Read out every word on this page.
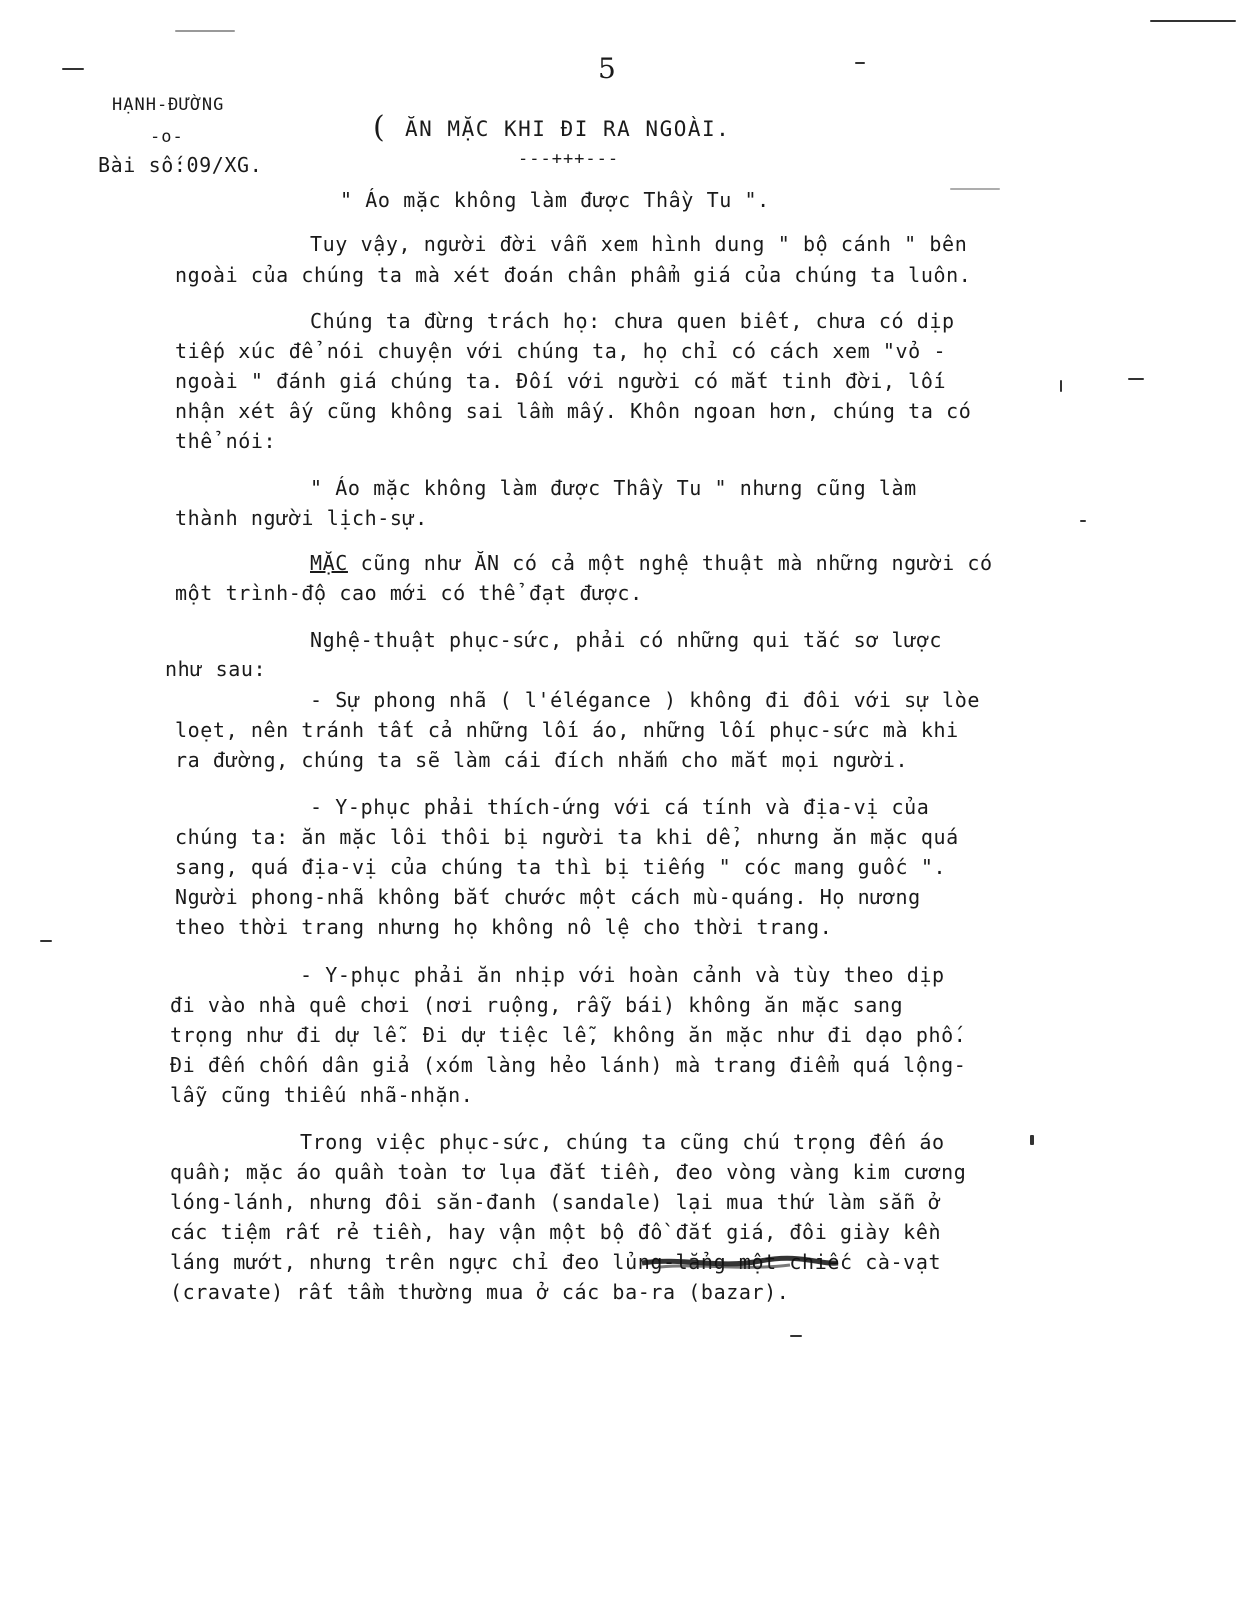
5
HẠNH-ĐƯỜNG
-o-
Bài số:09/XG.
( ĂN MẶC KHI ĐI RA NGOÀI.
---+++---
" Áo mặc không làm được Thầy Tu ".
Tuy vậy, người đời vẫn xem hình dung " bộ cánh " bên
ngoài của chúng ta mà xét đoán chân phẩm giá của chúng ta luôn.
Chúng ta đừng trách họ: chưa quen biết, chưa có dịp
tiếp xúc để nói chuyện với chúng ta, họ chỉ có cách xem "vỏ -
ngoài " đánh giá chúng ta. Đối với người có mắt tinh đời, lối
nhận xét ấy cũng không sai lầm mấy. Khôn ngoan hơn, chúng ta có
thể nói:
" Áo mặc không làm được Thầy Tu " nhưng cũng làm
thành người lịch-sự.
MẶC cũng như ĂN có cả một nghệ thuật mà những người có
một trình-độ cao mới có thể đạt được.
Nghệ-thuật phục-sức, phải có những qui tắc sơ lược
như sau:
- Sự phong nhã ( l'élégance ) không đi đôi với sự lòe
loẹt, nên tránh tất cả những lối áo, những lối phục-sức mà khi
ra đường, chúng ta sẽ làm cái đích nhắm cho mắt mọi người.
- Y-phục phải thích-ứng với cá tính và địa-vị của
chúng ta: ăn mặc lôi thôi bị người ta khi dể, nhưng ăn mặc quá
sang, quá địa-vị của chúng ta thì bị tiếng " cóc mang guốc ".
Người phong-nhã không bắt chước một cách mù-quáng. Họ nương
theo thời trang nhưng họ không nô lệ cho thời trang.
- Y-phục phải ăn nhịp với hoàn cảnh và tùy theo dịp
đi vào nhà quê chơi (nơi ruộng, rẫy bái) không ăn mặc sang
trọng như đi dự lễ. Đi dự tiệc lễ, không ăn mặc như đi dạo phố.
Đi đến chốn dân giả (xóm làng hẻo lánh) mà trang điểm quá lộng-
lẫy cũng thiếu nhã-nhặn.
Trong việc phục-sức, chúng ta cũng chú trọng đến áo
quần; mặc áo quần toàn tơ lụa đắt tiền, đeo vòng vàng kim cương
lóng-lánh, nhưng đôi săn-đanh (sandale) lại mua thứ làm sẵn ở
các tiệm rất rẻ tiền, hay vận một bộ đồ đắt giá, đôi giày kền
láng mướt, nhưng trên ngực chỉ đeo lủng-lẳng một chiếc cà-vạt
(cravate) rất tầm thường mua ở các ba-ra (bazar).
